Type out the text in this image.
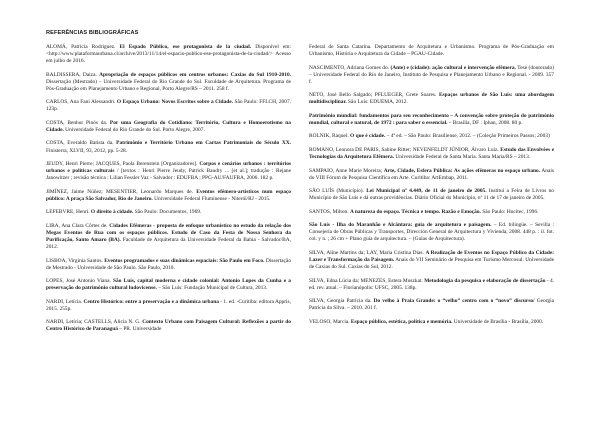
REFERÊNCIAS BIBLIOGRÁFICAS

ALOMÁ, Patricia Rodriguez. El Espado Público, ese protagonista de la ciudad. Disponível em: <http://www.plataformaurbana.cl/archive/2013/11/14/el-espacio-publico-ese-protagonista-de-la-ciudad/> Acesso em julho de 2016.

BALDISSERA, Daiza. Apropriação de espaços públicos em centros urbanos: Caxias do Sul 1910-2010. Dissertação (Mestrado) – Universidade Federal do Rio Grande do Sul. Faculdade de Arquitetura. Programa de Pós-Graduação em Planejamento Urbano e Regional, Porto Alegre/RS – 2011. 258 f.

CARLOS, Ana Fani Alessandri. O Espaço Urbano: Novos Escritos sobre a Cidade. São Paulo: FFLCH, 2007. 123p.

COSTA, Benhur Pinós da. Por uma Geografia do Cotidiano: Território, Cultura e Homoerotismo na Cidade. Universidade Federal do Rio Grande do Sul. Porto Alegre, 2007.

COSTA, Everaldo Batista da. Patrimônio e Território Urbano em Cartas Patrimoniais do Século XX. Finisterra, XLVII, 93, 2012, pp. 5-28.

JEUDY, Henri Pierre; JACQUES, Paola Berenstein [Organizadores]. Corpos e cenários urbanos : territórios urbanos e políticas culturais / [textos : Henri Pierre Jeudy, Patrick Baudry ... [et al.]; tradução : Rejane Janowitzer ; revisão técnica : Lilian Fessler Vaz - Salvador : EDUFBA ; PPG-AU/FAUFBA, 2006. 182 p.

JIMÍNEZ, Jaime Núñez; MESENTIER, Leonardo Marques de. Eventos efêmero-artísticos num espaço público: A praça São Salvador, Rio de Janeiro. Universidade Federal Fluminense - Niterói/RJ - 2015.

LEFEBVRE, Henri. O direito à cidade. São Paulo: Documentos, 1969.

LIRA, Ana Clara Côrtes de. Cidades Efêmeras - proposta de enfoque urbanístico no estudo da relação dos Megas Eventos de Rua com os espaços públicos. Estudo de Caso da Festa de Nossa Senhora da Purificação, Santo Amaro (BA). Faculdade de Arquitetura da Universidade Federal da Bahia - Salvador/BA, 2012.

LISBOA, Virgínia Santos. Eventos programados e suas dinâmicas espaciais: São Paulo em Foco. Dissertação de Mestrado - Universidade de São Paulo. São Paulo, 2010.

LOPES, José Antonio Viana. São Luís, capital moderna e cidade colonial: Antonio Lopes da Cunha e a preservação do patrimônio cultural ludovicense. – São Luís: Fundação Municipal de Cultura, 2013.

NARDI, Letícia. Centro Histórico: entre a preservação e a dinâmica urbana - 1. ed. -Curitiba: editora Appris, 2015. 255p.

NARDI, Letícia; CASTELLS, Alicia N. G. Contexto Urbano com Paisagem Cultural: Reflexões a partir do Centro Histórico de Paranaguá – PR. Universidade

Federal de Santa Catarina. Departamento de Arquitetura e Urbanismo. Programa de Pós-Graduação em Urbanismo, História e Arquitetura da Cidade – PGAU-Cidade.

NASCIMENTO, Adriana Gomes do. (Ante) e (cidade): ação cultural e intervenção efêmera. Tese (doutorado) – Universidade Federal do Rio de Janeiro, Instituto de Pesquisa e Planejamento Urbano e Regional. - 2009. 357 f.

NETO, José Bello Salgado; PFLUEGER, Grete Soares. Espaços urbanos de São Luís: uma abordagem multidisciplinar. São Luís: EDUEMA, 2012.

Patrimônio mundial: fundamentos para seu reconhecimento – A convenção sobre proteção do patrimônio mundial, cultural e natural, de 1972 : para saber o essencial. – Brasília, DF : Iphan, 2008. 80 p.

ROLNIK, Raquel. O que é cidade. – 4ª ed. – São Paulo: Brasiliense, 2012. – (Coleção Primeiros Passos; 2003)

ROMANO, Leonora DE PARIS, Sabine Ritter; NEVENFELDT JÚNIOR, Álvaro Luiz. Estudo das Envolvêes e Tecnologias da Arquitetura Efêmera. Universidade Federal de Santa Maria. Santa Maria/RS – 2013.

SAMPAIO, Anne Marie Moreira; Arte, Cidade, Esfera Pública: As ações efêmeras no espaço urbano. Anais do VIII Fórum de Pesquisa Científica em Arte. Curitiba: ArtEmbap, 2011.

SÃO LUÍS (Município). Lei Municipal nº 4.449, de 11 de janeiro de 2005. Institui a Feira de Livros no Município de São Luís e dá outras providências. Diário Oficial do Município, nº 11 de 17 de janeiro de 2005.

SANTOS, Milton. A natureza do espaço. Técnica e tempo. Razão e Emoção. São Paulo: Hucitec, 1996.

São Luís - Ilha do Maranhão e Alcântara: guia de arquitetura e paisagem. – Ed. bilingüe. – Sevilla : Consejería de Obras Públicas y Transportes, Dirección General de Arquitectura y Vivienda, 2008. 448 p. : il. fot. col. y n. ; 26 cm + Plano guía de arquitectura. – (Guías de Arquitectura).

SILVA, Aline Martins da; LAY, Maria Cristina Dias. A Realização de Eventos no Espaço Público da Cidade: Lazer e Transformação da Paisagem. Anais do VII Seminário de Pesquisa em Turismo Mercosul. Universidade de Caxias do Sul. Caxias do Sul, 2012.

SILVA, Edna Lúcia da; MENEZES, Estera Muszkat. Metodologia da pesquisa e elaboração de dissertação - 4. ed. rev. atual. – Florianópolis: UFSC, 2005. 138p.

SILVA, Georgia Patrícia da. Do velho à Praia Grande: o “velho” centro com o “novo” discurso/ Georgia Patrícia da Silva. – 2010. 201 f.

VELOSO, Marcia. Espaço público, estética, política e memória. Universidade de Brasília - Brasília, 2000.
